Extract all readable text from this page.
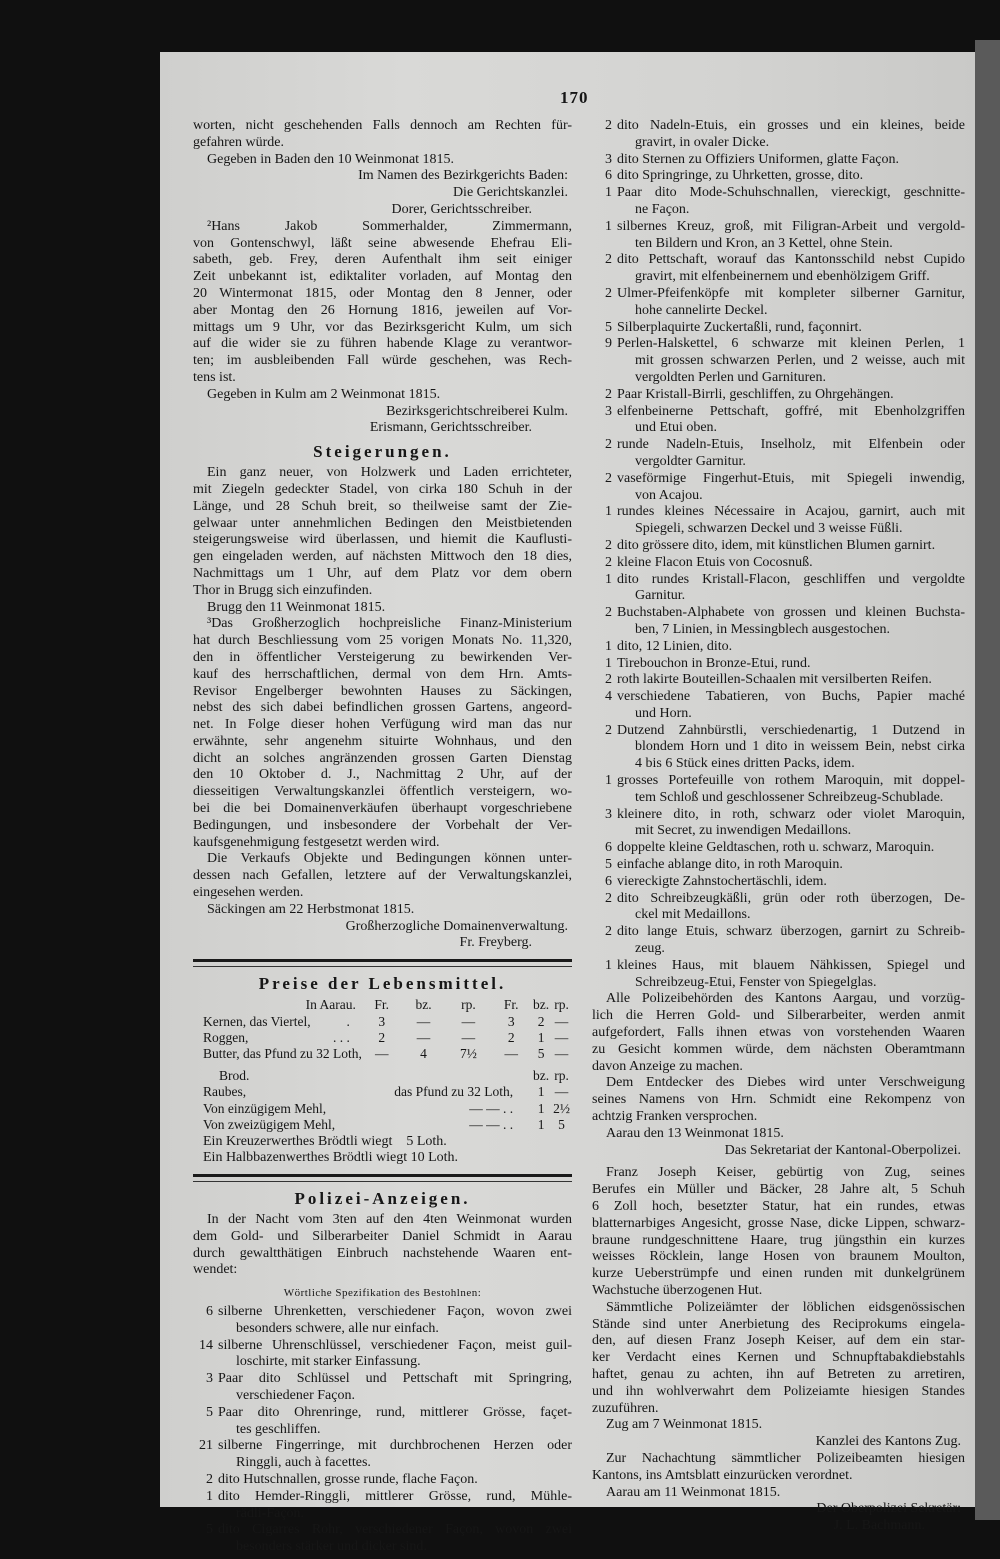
170
worten, nicht geschehenden Falls dennoch am Rechten für-
gefahren würde.
Gegeben in Baden den 10 Weinmonat 1815.
Im Namen des Bezirkgerichts Baden:
Die Gerichtskanzlei.
Dorer, Gerichtsschreiber.
²Hans Jakob Sommerhalder, Zimmermann,
von Gontenschwyl, läßt seine abwesende Ehefrau Eli-
sabeth, geb. Frey, deren Aufenthalt ihm seit einiger
Zeit unbekannt ist, ediktaliter vorladen, auf Montag den
20 Wintermonat 1815, oder Montag den 8 Jenner, oder
aber Montag den 26 Hornung 1816, jeweilen auf Vor-
mittags um 9 Uhr, vor das Bezirksgericht Kulm, um sich
auf die wider sie zu führen habende Klage zu verantwor-
ten; im ausbleibenden Fall würde geschehen, was Rech-
tens ist.
Gegeben in Kulm am 2 Weinmonat 1815.
Bezirksgerichtschreiberei Kulm.
Erismann, Gerichtsschreiber.
Steigerungen.
Ein ganz neuer, von Holzwerk und Laden errichteter,
mit Ziegeln gedeckter Stadel, von cirka 180 Schuh in der
Länge, und 28 Schuh breit, so theilweise samt der Zie-
gelwaar unter annehmlichen Bedingen den Meistbietenden
steigerungsweise wird überlassen, und hiemit die Kauflusti-
gen eingeladen werden, auf nächsten Mittwoch den 18 dies,
Nachmittags um 1 Uhr, auf dem Platz vor dem obern
Thor in Brugg sich einzufinden.
Brugg den 11 Weinmonat 1815.
³Das Großherzoglich hochpreisliche Finanz-Ministerium
hat durch Beschliessung vom 25 vorigen Monats No. 11,320,
den in öffentlicher Versteigerung zu bewirkenden Ver-
kauf des herrschaftlichen, dermal von dem Hrn. Amts-
Revisor Engelberger bewohnten Hauses zu Säckingen,
nebst des sich dabei befindlichen grossen Gartens, angeord-
net. In Folge dieser hohen Verfügung wird man das nur
erwähnte, sehr angenehm situirte Wohnhaus, und den
dicht an solches angränzenden grossen Garten Dienstag
den 10 Oktober d. J., Nachmittag 2 Uhr, auf der
diesseitigen Verwaltungskanzlei öffentlich versteigern, wo-
bei die bei Domainenverkäufen überhaupt vorgeschriebene
Bedingungen, und insbesondere der Vorbehalt der Ver-
kaufsgenehmigung festgesetzt werden wird.
Die Verkaufs Objekte und Bedingungen können unter-
dessen nach Gefallen, letztere auf der Verwaltungskanzlei,
eingesehen werden.
Säckingen am 22 Herbstmonat 1815.
Großherzogliche Domainenverwaltung.
Fr. Freyberg.
Preise der Lebensmittel.
In Aarau.	Fr.	bz.	rp.	Fr.	bz.	rp.
Kernen, das Viertel, .	3	—	—	3	2	—
Roggen, . . .	2	—	—	2	1	—
Butter, das Pfund zu 32 Loth,	—	4	7½	—	5	—
Brod.					bz.	rp.
Raubes,	das Pfund zu 32 Loth,				1	—
Von einzügigem Mehl,	— — . .				1	2½
Von zweizügigem Mehl,	— — . .				1	5
Ein Kreuzerwerthes Brödtli wiegt    5 Loth.
Ein Halbbazenwerthes Brödtli wiegt 10 Loth.
Polizei-Anzeigen.
In der Nacht vom 3ten auf den 4ten Weinmonat wurden
dem Gold- und Silberarbeiter Daniel Schmidt in Aarau
durch gewaltthätigen Einbruch nachstehende Waaren ent-
wendet:
Wörtliche Spezifikation des Bestohlnen:
6 silberne Uhrenketten, verschiedener Façon, wovon zwei
besonders schwere, alle nur einfach.
14 silberne Uhrenschlüssel, verschiedener Façon, meist guil-
loschirte, mit starker Einfassung.
3 Paar dito Schlüssel und Pettschaft mit Springring,
verschiedener Façon.
5 Paar dito Ohrenringe, rund, mittlerer Grösse, façet-
tes geschliffen.
21 silberne Fingerringe, mit durchbrochenen Herzen oder
Ringgli, auch à facettes.
2 dito Hutschnallen, grosse runde, flache Façon.
1 dito Hemder-Ringgli, mittlerer Grösse, rund, Mühle-
rädli-Façon.
5 dito Cigarres Rohr, verschiedener Façon, wovon zwei
besonders stärker und dicker sind.
2 dito Nadeln-Etuis, ein grosses und ein kleines, beide
gravirt, in ovaler Dicke.
3 dito Sternen zu Offiziers Uniformen, glatte Façon.
6 dito Springringe, zu Uhrketten, grosse, dito.
1 Paar dito Mode-Schuhschnallen, viereckigt, geschnitte-
ne Façon.
1 silbernes Kreuz, groß, mit Filigran-Arbeit und vergold-
ten Bildern und Kron, an 3 Kettel, ohne Stein.
2 dito Pettschaft, worauf das Kantonsschild nebst Cupido
gravirt, mit elfenbeinernem und ebenhölzigem Griff.
2 Ulmer-Pfeifenköpfe mit kompleter silberner Garnitur,
hohe cannelirte Deckel.
5 Silberplaquirte Zuckertaßli, rund, façonnirt.
9 Perlen-Halskettel, 6 schwarze mit kleinen Perlen, 1
mit grossen schwarzen Perlen, und 2 weisse, auch mit
vergoldten Perlen und Garnituren.
2 Paar Kristall-Birrli, geschliffen, zu Ohrgehängen.
3 elfenbeinerne Pettschaft, goffré, mit Ebenholzgriffen
und Etui oben.
2 runde Nadeln-Etuis, Inselholz, mit Elfenbein oder
vergoldter Garnitur.
2 vaseförmige Fingerhut-Etuis, mit Spiegeli inwendig,
von Acajou.
1 rundes kleines Nécessaire in Acajou, garnirt, auch mit
Spiegeli, schwarzen Deckel und 3 weisse Füßli.
2 dito grössere dito, idem, mit künstlichen Blumen garnirt.
2 kleine Flacon Etuis von Cocosnuß.
1 dito rundes Kristall-Flacon, geschliffen und vergoldte
Garnitur.
2 Buchstaben-Alphabete von grossen und kleinen Buchsta-
ben, 7 Linien, in Messingblech ausgestochen.
1 dito, 12 Linien, dito.
1 Tirebouchon in Bronze-Etui, rund.
2 roth lakirte Bouteillen-Schaalen mit versilberten Reifen.
4 verschiedene Tabatieren, von Buchs, Papier maché
und Horn.
2 Dutzend Zahnbürstli, verschiedenartig, 1 Dutzend in
blondem Horn und 1 dito in weissem Bein, nebst cirka
4 bis 6 Stück eines dritten Packs, idem.
1 grosses Portefeuille von rothem Maroquin, mit doppel-
tem Schloß und geschlossener Schreibzeug-Schublade.
3 kleinere dito, in roth, schwarz oder violet Maroquin,
mit Secret, zu inwendigen Medaillons.
6 doppelte kleine Geldtaschen, roth u. schwarz, Maroquin.
5 einfache ablange dito, in roth Maroquin.
6 viereckigte Zahnstochertäschli, idem.
2 dito Schreibzeugkäßli, grün oder roth überzogen, De-
ckel mit Medaillons.
2 dito lange Etuis, schwarz überzogen, garnirt zu Schreib-
zeug.
1 kleines Haus, mit blauem Nähkissen, Spiegel und
Schreibzeug-Etui, Fenster von Spiegelglas.
Alle Polizeibehörden des Kantons Aargau, und vorzüg-
lich die Herren Gold- und Silberarbeiter, werden anmit
aufgefordert, Falls ihnen etwas von vorstehenden Waaren
zu Gesicht kommen würde, dem nächsten Oberamtmann
davon Anzeige zu machen.
Dem Entdecker des Diebes wird unter Verschweigung
seines Namens von Hrn. Schmidt eine Rekompenz von
achtzig Franken versprochen.
Aarau den 13 Weinmonat 1815.
Das Sekretariat der Kantonal-Oberpolizei.
Franz Joseph Keiser, gebürtig von Zug, seines
Berufes ein Müller und Bäcker, 28 Jahre alt, 5 Schuh
6 Zoll hoch, besetzter Statur, hat ein rundes, etwas
blatternarbiges Angesicht, grosse Nase, dicke Lippen, schwarz-
braune rundgeschnittene Haare, trug jüngsthin ein kurzes
weisses Röcklein, lange Hosen von braunem Moulton,
kurze Ueberstrümpfe und einen runden mit dunkelgrünem
Wachstuche überzogenen Hut.
Sämmtliche Polizeiämter der löblichen eidsgenössischen
Stände sind unter Anerbietung des Reciprokums eingela-
den, auf diesen Franz Joseph Keiser, auf dem ein star-
ker Verdacht eines Kernen und Schnupftabakdiebstahls
haftet, genau zu achten, ihn auf Betreten zu arretiren,
und ihn wohlverwahrt dem Polizeiamte hiesigen Standes
zuzuführen.
Zug am 7 Weinmonat 1815.
Kanzlei des Kantons Zug.
Zur Nachachtung sämmtlicher Polizeibeamten hiesigen
Kantons, ins Amtsblatt einzurücken verordnet.
Aarau am 11 Weinmonat 1815.
Der Oberpolizei Sekretär:
J. L. Bachmann.
